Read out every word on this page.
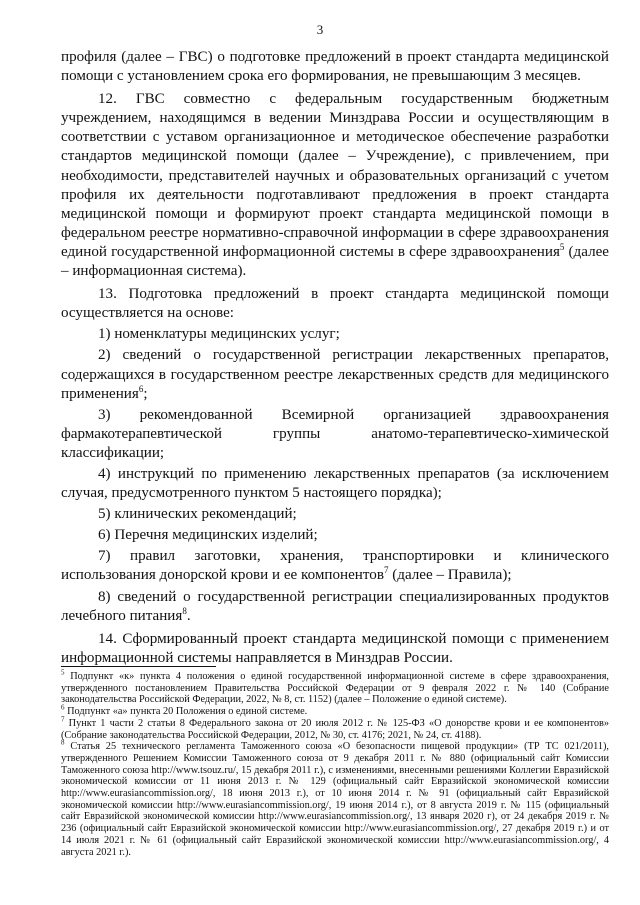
3

профиля (далее – ГВС) о подготовке предложений в проект стандарта медицинской помощи с установлением срока его формирования, не превышающим 3 месяцев.

12. ГВС совместно с федеральным государственным бюджетным учреждением, находящимся в ведении Минздрава России и осуществляющим в соответствии с уставом организационное и методическое обеспечение разработки стандартов медицинской помощи (далее – Учреждение), с привлечением, при необходимости, представителей научных и образовательных организаций с учетом профиля их деятельности подготавливают предложения в проект стандарта медицинской помощи и формируют проект стандарта медицинской помощи в федеральном реестре нормативно-справочной информации в сфере здравоохранения единой государственной информационной системы в сфере здравоохранения$^5$ (далее – информационная система).

13. Подготовка предложений в проект стандарта медицинской помощи осуществляется на основе:

1) номенклатуры медицинских услуг;

2) сведений о государственной регистрации лекарственных препаратов, содержащихся в государственном реестре лекарственных средств для медицинского применения$^6$;

3) рекомендованной Всемирной организацией здравоохранения фармакотерапевтической группы анатомо-терапевтическо-химической классификации;

4) инструкций по применению лекарственных препаратов (за исключением случая, предусмотренного пунктом 5 настоящего порядка);

5) клинических рекомендаций;

6) Перечня медицинских изделий;

7) правил заготовки, хранения, транспортировки и клинического использования донорской крови и ее компонентов$^7$ (далее – Правила);

8) сведений о государственной регистрации специализированных продуктов лечебного питания$^8$.

14. Сформированный проект стандарта медицинской помощи с применением информационной системы направляется в Минздрав России.

$^5$ Подпункт «к» пункта 4 положения о единой государственной информационной системе в сфере здравоохранения, утвержденного постановлением Правительства Российской Федерации от 9 февраля 2022 г. № 140 (Собрание законодательства Российской Федерации, 2022, № 8, ст. 1152) (далее – Положение о единой системе).

$^6$ Подпункт «а» пункта 20 Положения о единой системе.

$^7$ Пункт 1 части 2 статьи 8 Федерального закона от 20 июля 2012 г. № 125-ФЗ «О донорстве крови и ее компонентов» (Собрание законодательства Российской Федерации, 2012, № 30, ст. 4176; 2021, № 24, ст. 4188).

$^8$ Статья 25 технического регламента Таможенного союза «О безопасности пищевой продукции» (ТР ТС 021/2011), утвержденного Решением Комиссии Таможенного союза от 9 декабря 2011 г. № 880 (официальный сайт Комиссии Таможенного союза http://www.tsouz.ru/, 15 декабря 2011 г.), с изменениями, внесенными решениями Коллегии Евразийской экономической комиссии от 11 июня 2013 г. № 129 (официальный сайт Евразийской экономической комиссии http://www.eurasiancommission.org/, 18 июня 2013 г.), от 10 июня 2014 г. № 91 (официальный сайт Евразийской экономической комиссии http://www.eurasiancommission.org/, 19 июня 2014 г.), от 8 августа 2019 г. № 115 (официальный сайт Евразийской экономической комиссии http://www.eurasiancommission.org/, 13 января 2020 г), от 24 декабря 2019 г. № 236 (официальный сайт Евразийской экономической комиссии http://www.eurasiancommission.org/, 27 декабря 2019 г.) и от 14 июля 2021 г. № 61 (официальный сайт Евразийской экономической комиссии http://www.eurasiancommission.org/, 4 августа 2021 г.).
